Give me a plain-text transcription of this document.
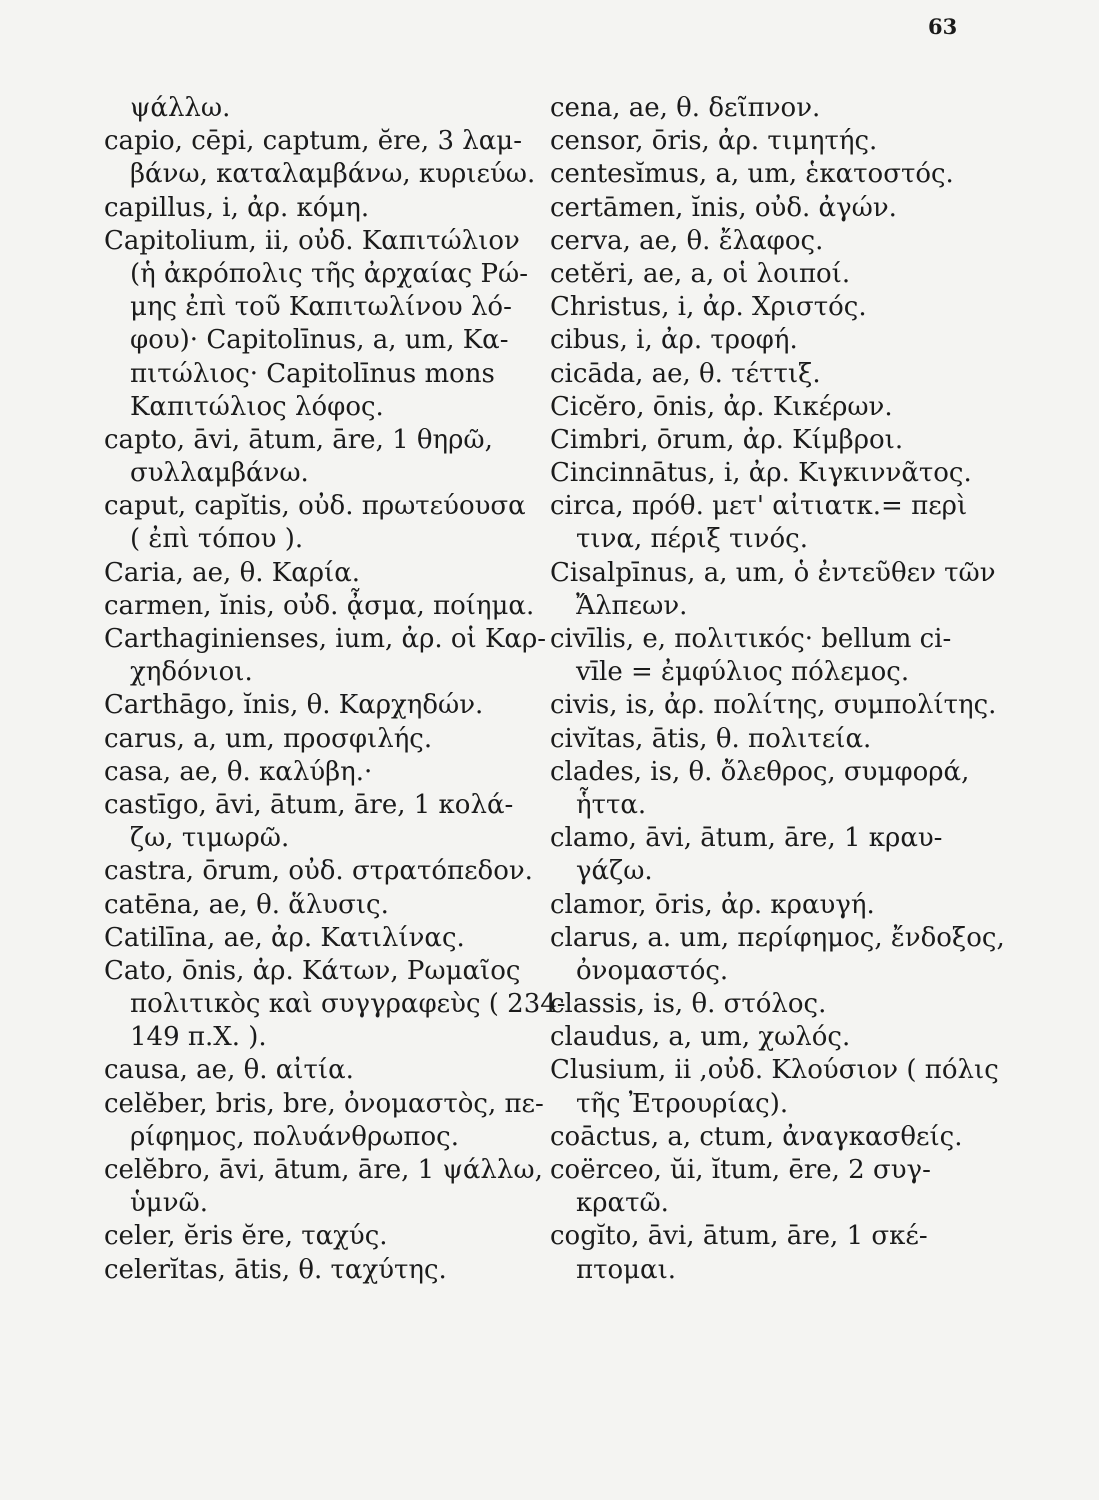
63
ψάλλω.
capio, cēpi, captum, ĕre, 3 λαμ-
βάνω, καταλαμβάνω, κυριεύω.
capillus, i, ἀρ. κόμη.
Capitolium, ii, οὐδ. Καπιτώλιον
(ἡ ἀκρόπολις τῆς ἀρχαίας Ρώ-
μης ἐπὶ τοῦ Καπιτωλίνου λό-
φου)· Capitolīnus, a, um, Κα-
πιτώλιος· Capitolīnus mons
Καπιτώλιος λόφος.
capto, āvi, ātum, āre, 1 θηρῶ,
συλλαμβάνω.
caput, capĭtis, οὐδ. πρωτεύουσα
( ἐπὶ τόπου ).
Caria, ae, θ. Καρία.
carmen, ĭnis, οὐδ. ᾆσμα, ποίημα.
Carthaginienses, ium, ἀρ. οἱ Καρ-
χηδόνιοι.
Carthāgo, ĭnis, θ. Καρχηδών.
carus, a, um, προσφιλής.
casa, ae, θ. καλύβη.·
castīgo, āvi, ātum, āre, 1 κολά-
ζω, τιμωρῶ.
castra, ōrum, οὐδ. στρατόπεδον.
catēna, ae, θ. ἅλυσις.
Catilīna, ae, ἀρ. Κατιλίνας.
Cato, ōnis, ἀρ. Κάτων, Ρωμαῖος
πολιτικὸς καὶ συγγραφεὺς ( 234-
149 π.Χ. ).
causa, ae, θ. αἰτία.
celĕber, bris, bre, ὀνομαστὸς, πε-
ρίφημος, πολυάνθρωπος.
celĕbro, āvi, ātum, āre, 1 ψάλλω,
ὑμνῶ.
celer, ĕris ĕre, ταχύς.
celerĭtas, ātis, θ. ταχύτης.
cena, ae, θ. δεῖπνον.
censor, ōris, ἀρ. τιμητής.
centesĭmus, a, um, ἑκατοστός.
certāmen, ĭnis, οὐδ. ἀγών.
cerva, ae, θ. ἔλαφος.
cetĕri, ae, a, οἱ λοιποί.
Christus, i, ἀρ. Χριστός.
cibus, i, ἀρ. τροφή.
cicāda, ae, θ. τέττιξ.
Cicĕro, ōnis, ἀρ. Κικέρων.
Cimbri, ōrum, ἀρ. Κίμβροι.
Cincinnātus, i, ἀρ. Κιγκιννᾶτος.
circa, πρόθ. μετ' αἰτιατκ.= περὶ
τινα, πέριξ τινός.
Cisalpīnus, a, um, ὁ ἐντεῦθεν τῶν
Ἄλπεων.
civīlis, e, πολιτικός· bellum ci-
vīle = ἐμφύλιος πόλεμος.
civis, is, ἀρ. πολίτης, συμπολίτης.
civĭtas, ātis, θ. πολιτεία.
clades, is, θ. ὄλεθρος, συμφορά,
ἧττα.
clamo, āvi, ātum, āre, 1 κραυ-
γάζω.
clamor, ōris, ἀρ. κραυγή.
clarus, a. um, περίφημος, ἔνδοξος,
ὀνομαστός.
classis, is, θ. στόλος.
claudus, a, um, χωλός.
Clusium, ii ,οὐδ. Κλούσιον ( πόλις
τῆς Ἐτρουρίας).
coāctus, a, ctum, ἀναγκασθείς.
coërceo, ŭi, ĭtum, ēre, 2 συγ-
κρατῶ.
cogĭto, āvi, ātum, āre, 1 σκέ-
πτομαι.
